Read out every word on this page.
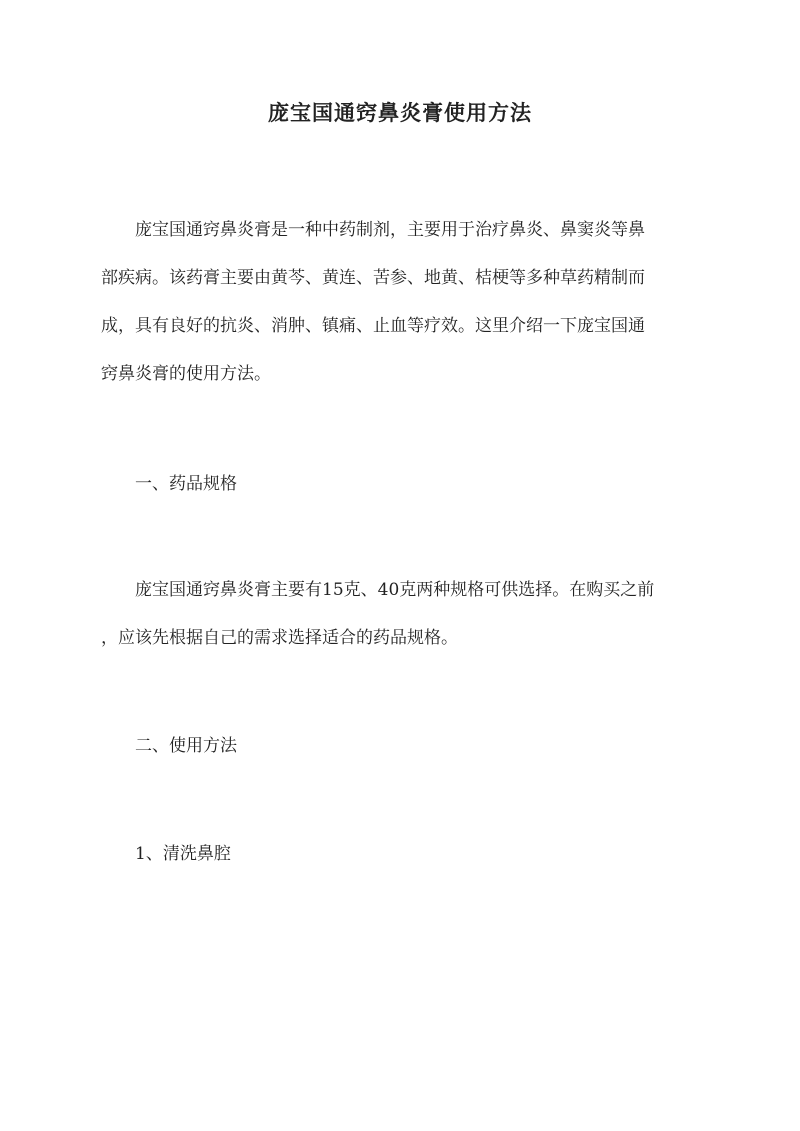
庞宝国通窍鼻炎膏使用方法
庞宝国通窍鼻炎膏是一种中药制剂，主要用于治疗鼻炎、鼻窦炎等鼻
部疾病。该药膏主要由黄芩、黄连、苦参、地黄、桔梗等多种草药精制而
成，具有良好的抗炎、消肿、镇痛、止血等疗效。这里介绍一下庞宝国通
窍鼻炎膏的使用方法。
一、药品规格
庞宝国通窍鼻炎膏主要有15克、40克两种规格可供选择。在购买之前
，应该先根据自己的需求选择适合的药品规格。
二、使用方法
1、清洗鼻腔
